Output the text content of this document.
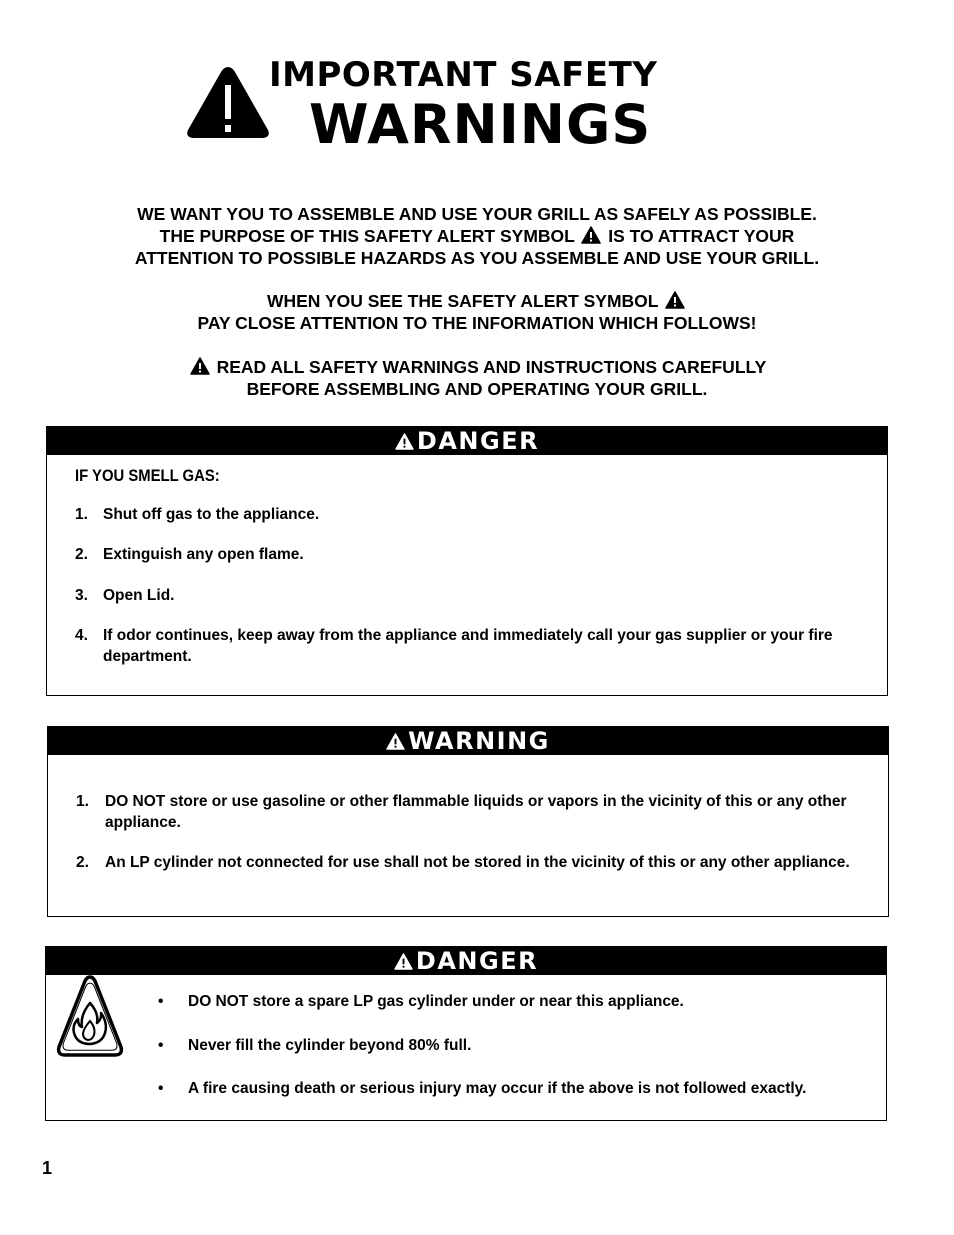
IMPORTANT SAFETY
WARNINGS
WE WANT YOU TO ASSEMBLE AND USE YOUR GRILL AS SAFELY AS POSSIBLE.
THE PURPOSE OF THIS SAFETY ALERT SYMBOL IS TO ATTRACT YOUR
ATTENTION TO POSSIBLE HAZARDS AS YOU ASSEMBLE AND USE YOUR GRILL.
WHEN YOU SEE THE SAFETY ALERT SYMBOL
PAY CLOSE ATTENTION TO THE INFORMATION WHICH FOLLOWS!
READ ALL SAFETY WARNINGS AND INSTRUCTIONS CAREFULLY
BEFORE ASSEMBLING AND OPERATING YOUR GRILL.
DANGER
IF YOU SMELL GAS:
1. Shut off gas to the appliance.
2. Extinguish any open flame.
3. Open Lid.
4. If odor continues, keep away from the appliance and immediately call your gas supplier or your fire department.
WARNING
1.	DO NOT store or use gasoline or other flammable liquids or vapors in the vicinity of this or any other appliance.
2.	An LP cylinder not connected for use shall not be stored in the vicinity of this or any other appliance.
DANGER
•	DO NOT store a spare LP gas cylinder under or near this appliance.
•	Never fill the cylinder beyond 80% full.
•	A fire causing death or serious injury may occur if the above is not followed exactly.
1
